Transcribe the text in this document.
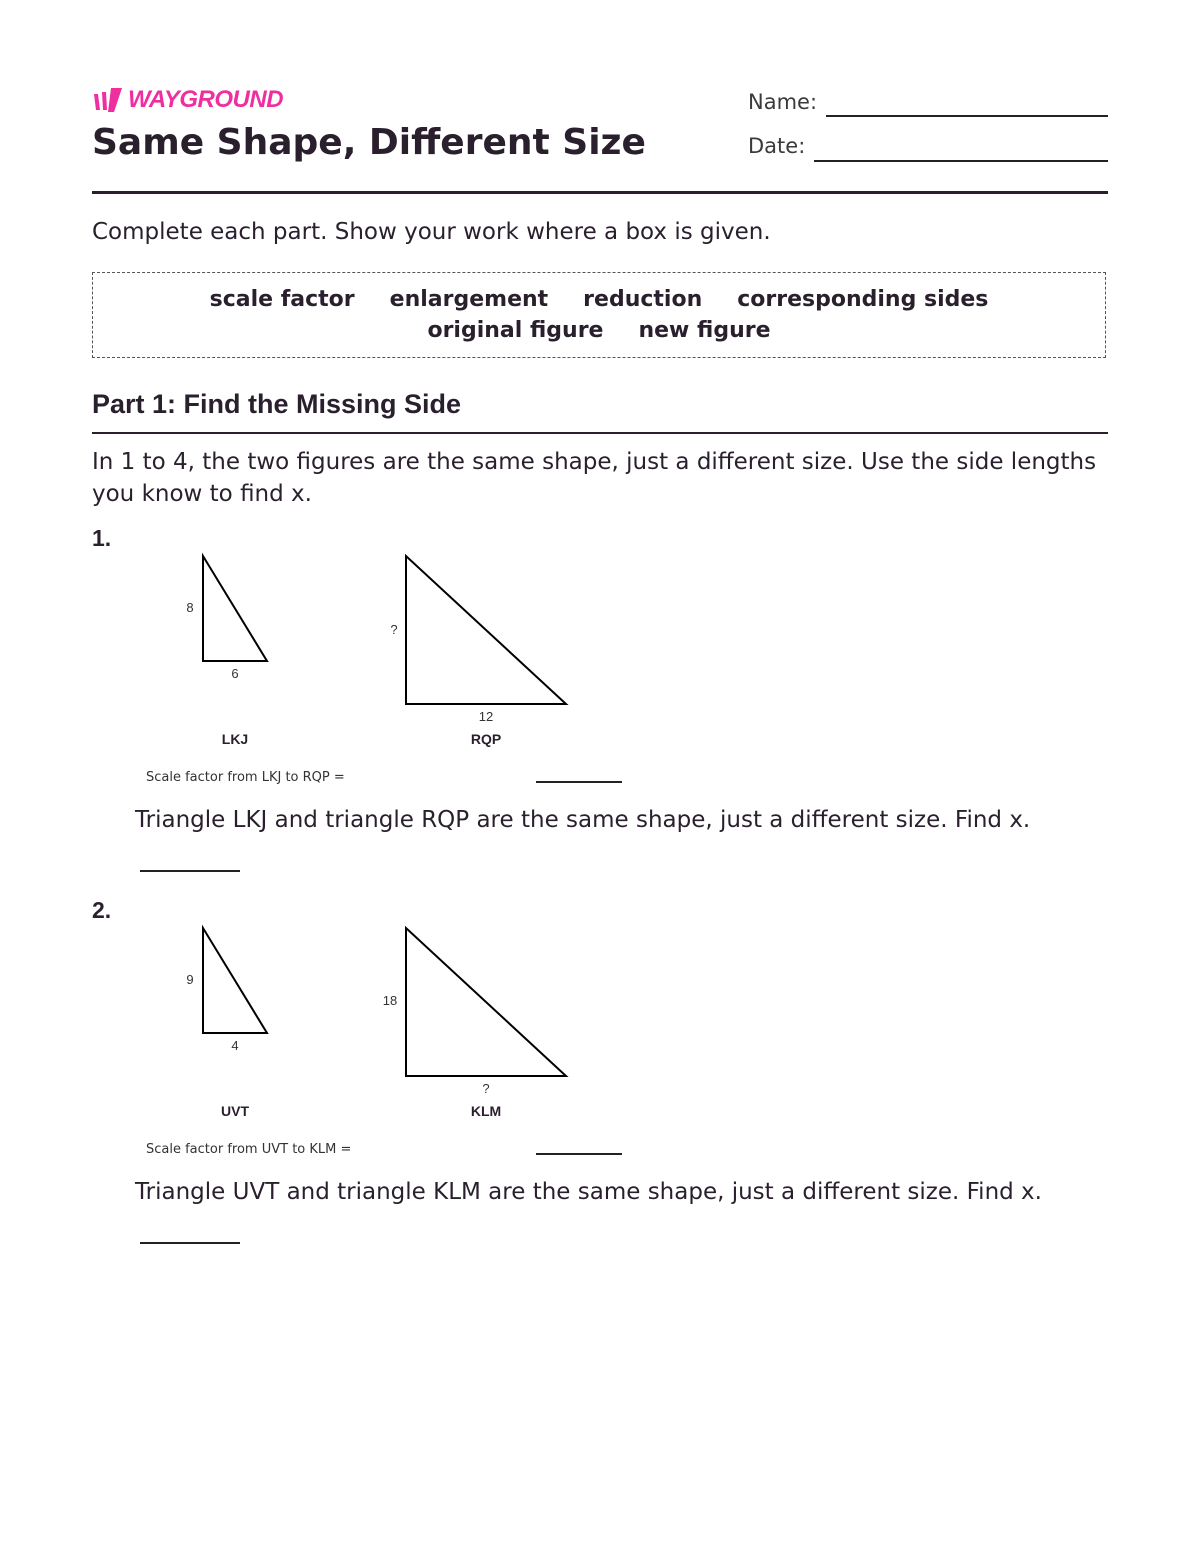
WAYGROUND
Same Shape, Different Size
Name:
Date:
Complete each part. Show your work where a box is given.
scale factor enlargement reduction corresponding sides
original figure new figure
Part 1: Find the Missing Side
In 1 to 4, the two figures are the same shape, just a different size. Use the side lengths you know to find x.
1.
8
6
LKJ
?
12
RQP
Scale factor from LKJ to RQP =
Triangle LKJ and triangle RQP are the same shape, just a different size. Find x.
2.
9
4
UVT
18
?
KLM
Scale factor from UVT to KLM =
Triangle UVT and triangle KLM are the same shape, just a different size. Find x.
